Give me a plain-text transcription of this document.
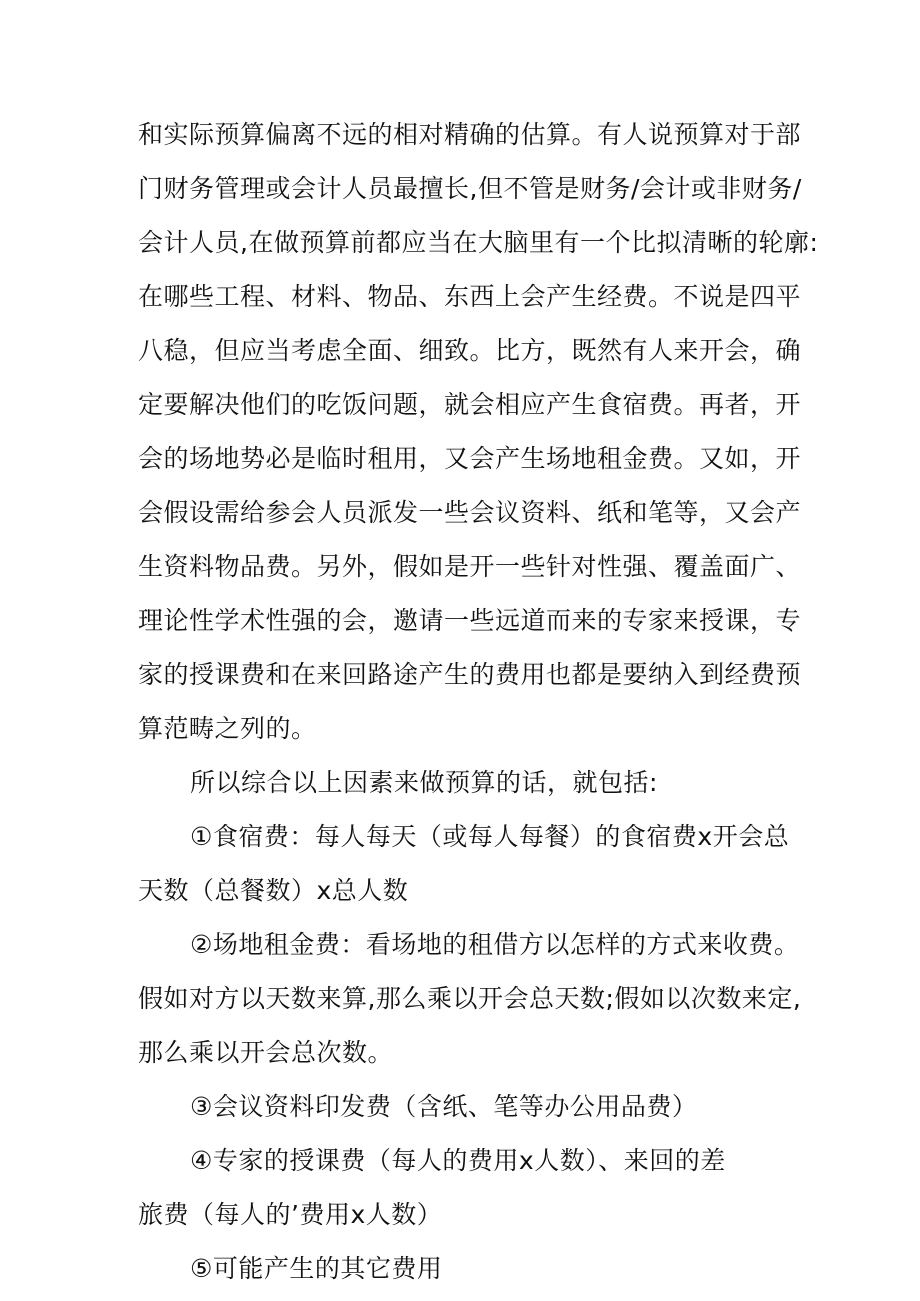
和实际预算偏离不远的相对精确的估算。有人说预算对于部
门财务管理或会计人员最擅长,但不管是财务/会计或非财务/
会计人员,在做预算前都应当在大脑里有一个比拟清晰的轮廓:
在哪些工程、材料、物品、东西上会产生经费。不说是四平
八稳，但应当考虑全面、细致。比方，既然有人来开会，确
定要解决他们的吃饭问题，就会相应产生食宿费。再者，开
会的场地势必是临时租用，又会产生场地租金费。又如，开
会假设需给参会人员派发一些会议资料、纸和笔等，又会产
生资料物品费。另外，假如是开一些针对性强、覆盖面广、
理论性学术性强的会，邀请一些远道而来的专家来授课，专
家的授课费和在来回路途产生的费用也都是要纳入到经费预
算范畴之列的。
所以综合以上因素来做预算的话，就包括:
①食宿费：每人每天（或每人每餐）的食宿费x开会总
天数（总餐数）x总人数
②场地租金费：看场地的租借方以怎样的方式来收费。
假如对方以天数来算,那么乘以开会总天数;假如以次数来定,
那么乘以开会总次数。
③会议资料印发费（含纸、笔等办公用品费）
④专家的授课费（每人的费用x人数）、来回的差
旅费（每人的’费用x人数）
⑤可能产生的其它费用
